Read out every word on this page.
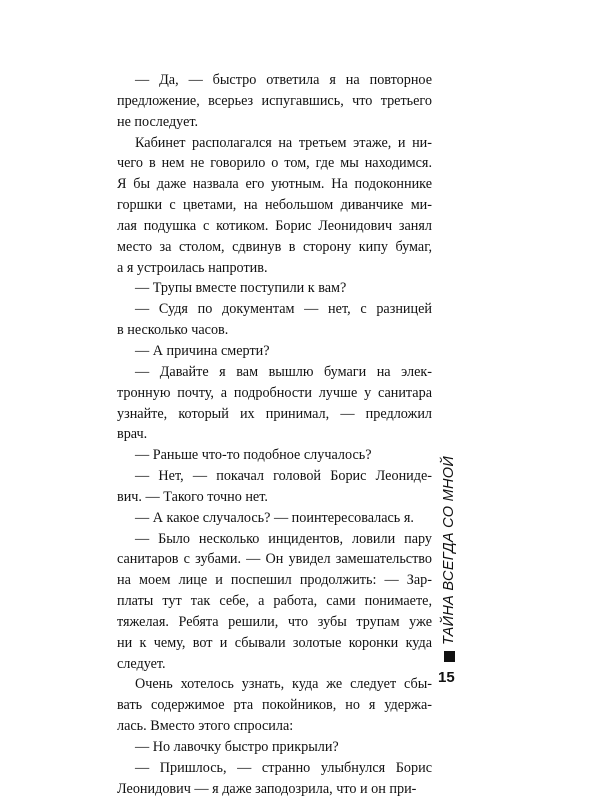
— Да, — быстро ответила я на повторное
предложение, всерьез испугавшись, что третьего
не последует.
Кабинет располагался на третьем этаже, и ни-
чего в нем не говорило о том, где мы находимся.
Я бы даже назвала его уютным. На подоконнике
горшки с цветами, на небольшом диванчике ми-
лая подушка с котиком. Борис Леонидович занял
место за столом, сдвинув в сторону кипу бумаг,
а я устроилась напротив.
— Трупы вместе поступили к вам?
— Судя по документам — нет, с разницей
в несколько часов.
— А причина смерти?
— Давайте я вам вышлю бумаги на элек-
тронную почту, а подробности лучше у санитара
узнайте, который их принимал, — предложил
врач.
— Раньше что-то подобное случалось?
— Нет, — покачал головой Борис Леониде-
вич. — Такого точно нет.
— А какое случалось? — поинтересовалась я.
— Было несколько инцидентов, ловили пару
санитаров с зубами. — Он увидел замешательство
на моем лице и поспешил продолжить: — Зар-
платы тут так себе, а работа, сами понимаете,
тяжелая. Ребята решили, что зубы трупам уже
ни к чему, вот и сбывали золотые коронки куда
следует.
Очень хотелось узнать, куда же следует сбы-
вать содержимое рта покойников, но я удержа-
лась. Вместо этого спросила:
— Но лавочку быстро прикрыли?
— Пришлось, — странно улыбнулся Борис
Леонидович — я даже заподозрила, что и он при-
ТАЙНА ВСЕГДА СО МНОЙ
15
